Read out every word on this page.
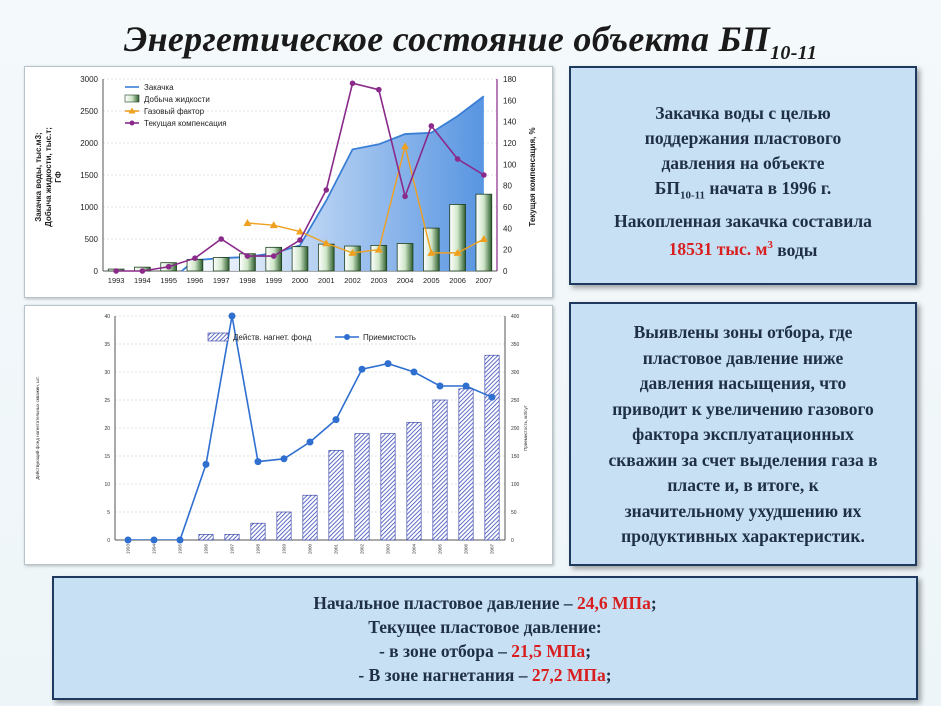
Энергетическое состояние объекта $БП_{10-11}$
0
500
1000
1500
2000
2500
3000
0
20
40
60
80
100
120
140
160
180
1993 1994 1995 1996 1997 1998 1999 2000 2001 2002 2003 2004 2005 2006 2007
Закачка воды, тыс.м3; Добыча жидкости, тыс.т; ГФ	Текущая компенсация, %
Закачка
Добыча жидкости
Газовый фактор
Текущая компенсация
0
5
10
15
20
25
30
35
40
0
50
100
150
200
250
300
350
400
1993	1994	1995	1996	1997	1998	1999	2000	2001	2002	2003	2004	2005	2006	2007
Действующий фонд нагнетательных скважин, шт.	Приемистость, м3/сут
Действ. нагнет. фонд	Приемистость
Закачка воды с целью
поддержания пластового
давления на объекте
$БП_{10-11}$ начата в 1996 г.
Накопленная закачка составила
18531 тыс. $м^3$ воды
Выявлены зоны отбора, где
пластовое давление ниже
давления насыщения, что
приводит к увеличению газового
фактора эксплуатационных
скважин за счет выделения газа в
пласте и, в итоге, к
значительному ухудшению их
продуктивных характеристик.
Начальное пластовое давление – 24,6 МПа;
Текущее пластовое давление:
- в зоне отбора – 21,5 МПа;
- В зоне нагнетания – 27,2 МПа;
